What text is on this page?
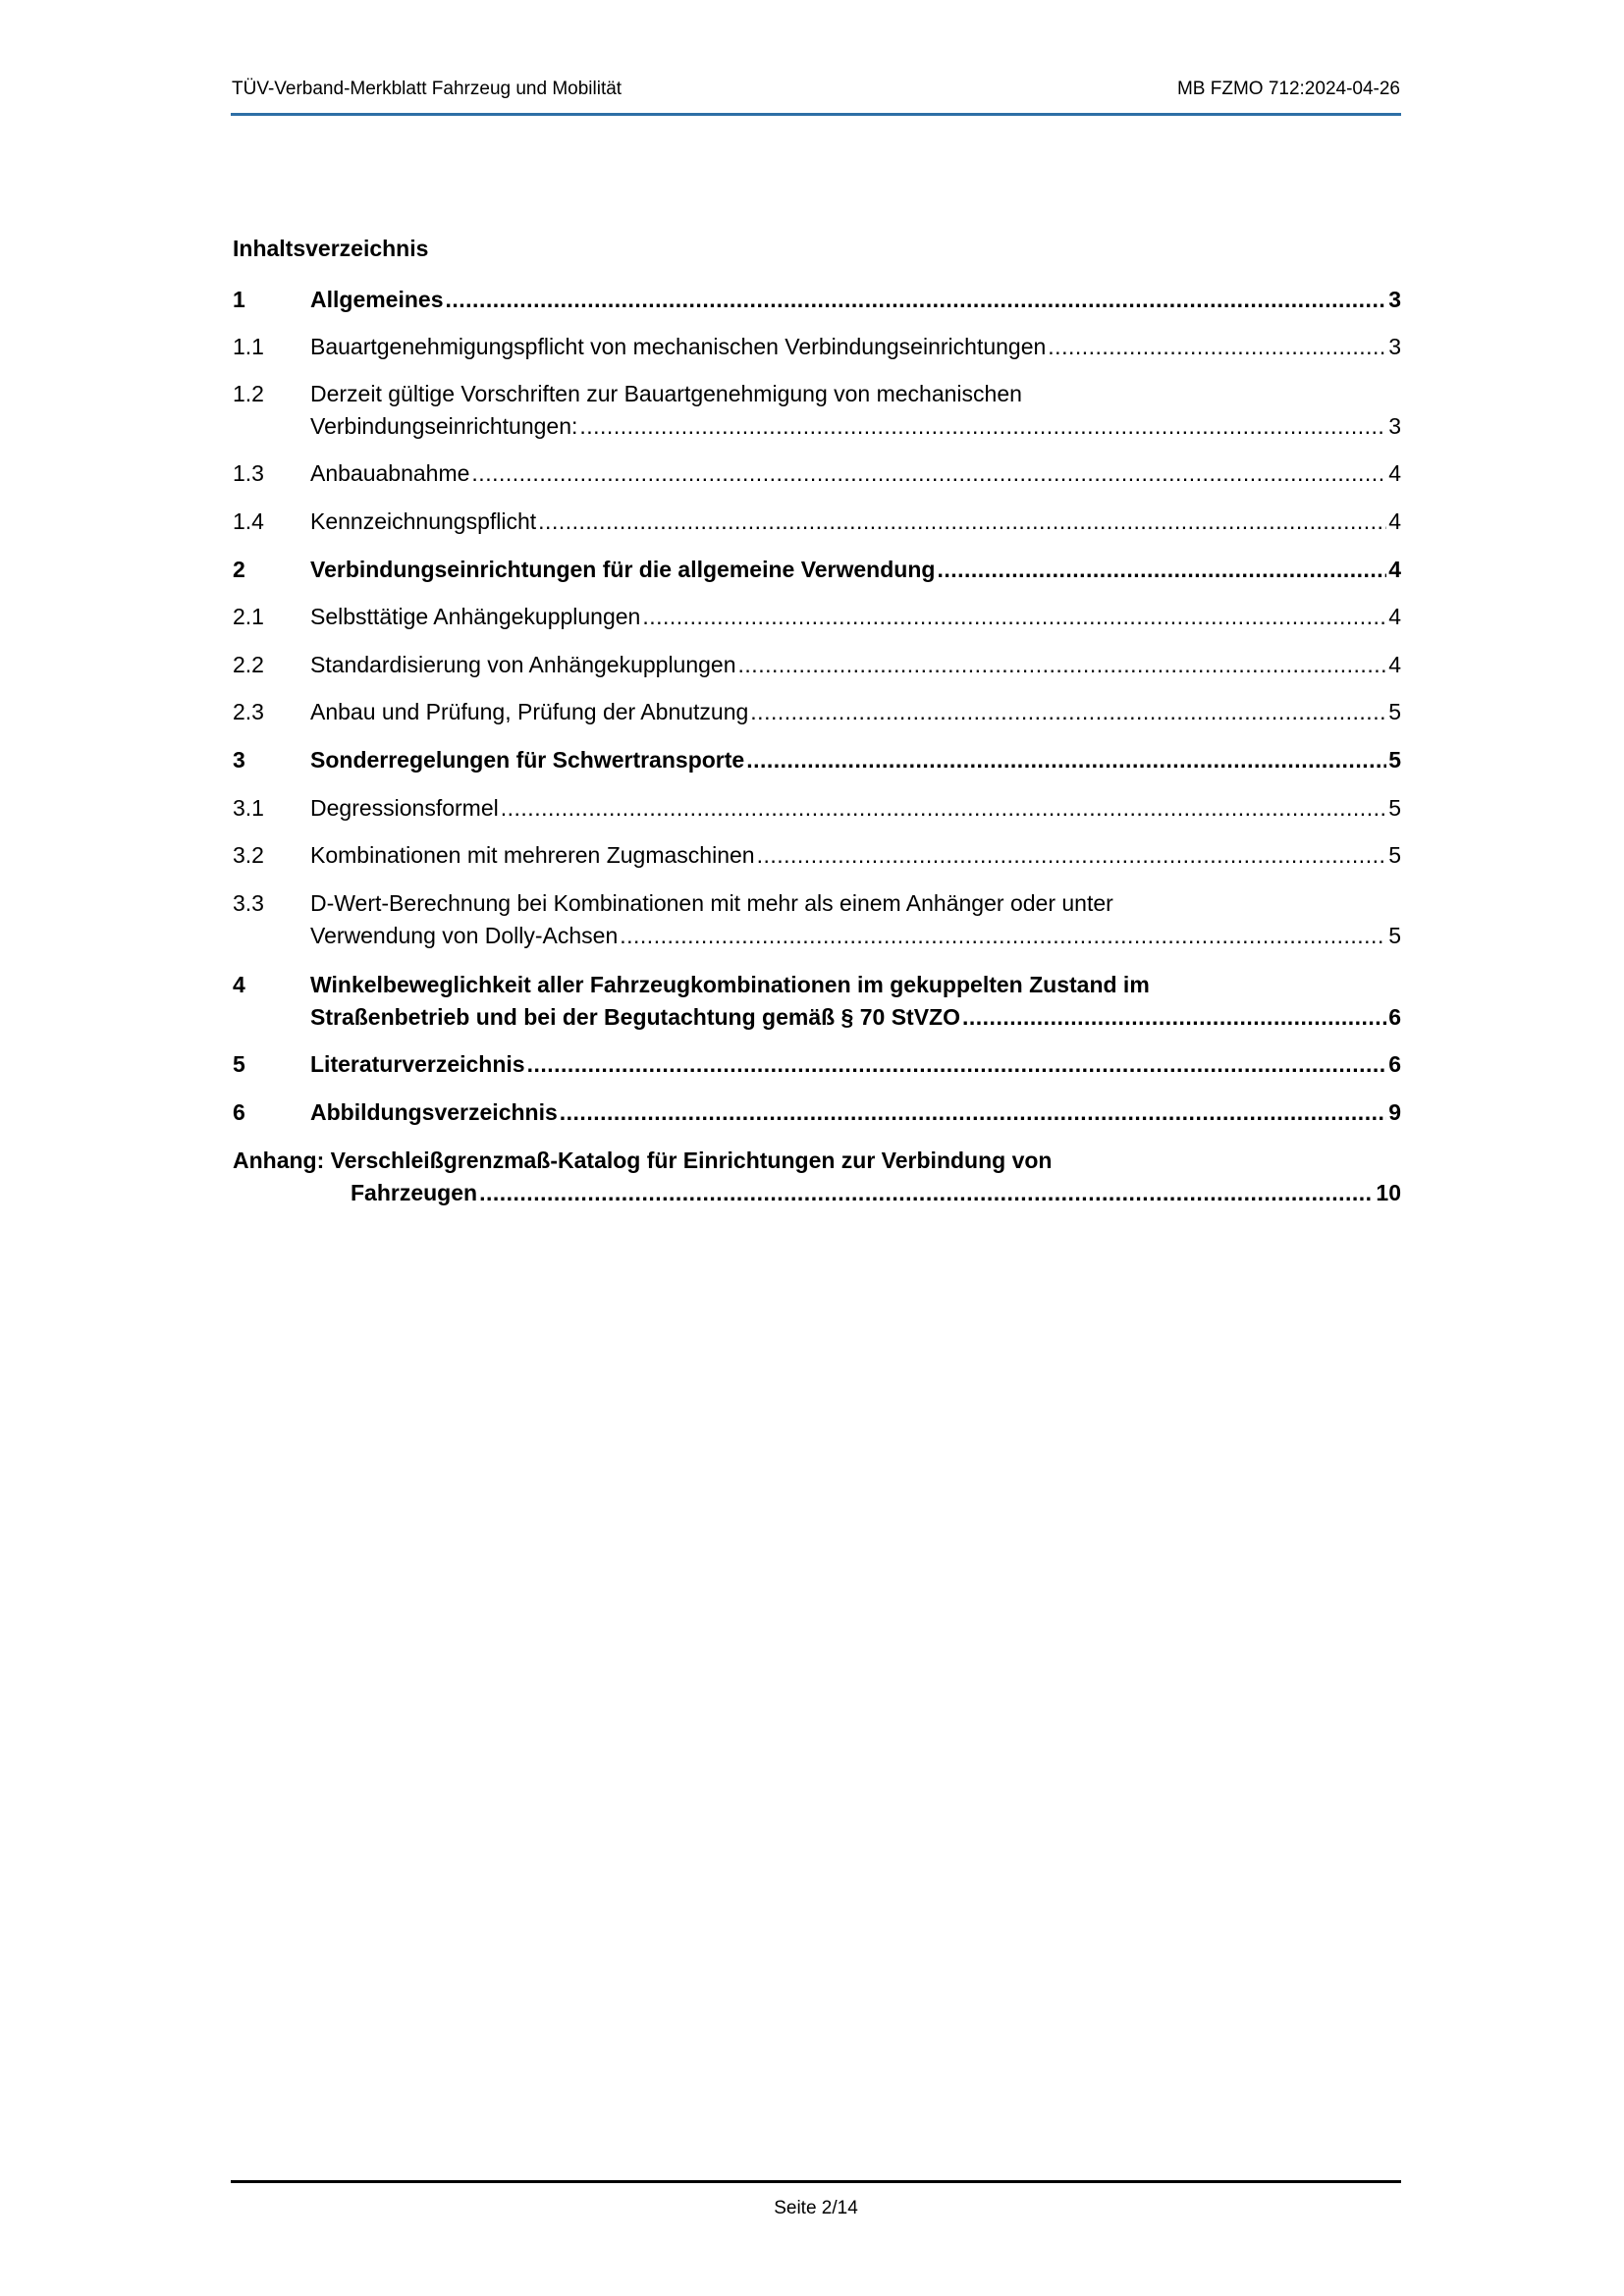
TÜV-Verband-Merkblatt Fahrzeug und Mobilität	MB FZMO 712:2024-04-26
Inhaltsverzeichnis
1	Allgemeines .....	3
1.1 Bauartgenehmigungspflicht von mechanischen Verbindungseinrichtungen .....	3
1.2 Derzeit gültige Vorschriften zur Bauartgenehmigung von mechanischen
Verbindungseinrichtungen: .....	3
1.3 Anbauabnahme .....	4
1.4 Kennzeichnungspflicht .....	4
2	Verbindungseinrichtungen für die allgemeine Verwendung .....	4
2.1 Selbsttätige Anhängekupplungen .....	4
2.2 Standardisierung von Anhängekupplungen .....	4
2.3 Anbau und Prüfung, Prüfung der Abnutzung .....	5
3	Sonderregelungen für Schwertransporte .....	5
3.1 Degressionsformel .....	5
3.2 Kombinationen mit mehreren Zugmaschinen .....	5
3.3 D-Wert-Berechnung bei Kombinationen mit mehr als einem Anhänger oder unter
Verwendung von Dolly-Achsen .....	5
4	Winkelbeweglichkeit aller Fahrzeugkombinationen im gekuppelten Zustand im
Straßenbetrieb und bei der Begutachtung gemäß § 70 StVZO .....	6
5	Literaturverzeichnis .....	6
6	Abbildungsverzeichnis .....	9
Anhang: Verschleißgrenzmaß-Katalog für Einrichtungen zur Verbindung von
Fahrzeugen .....	10
Seite 2/14
